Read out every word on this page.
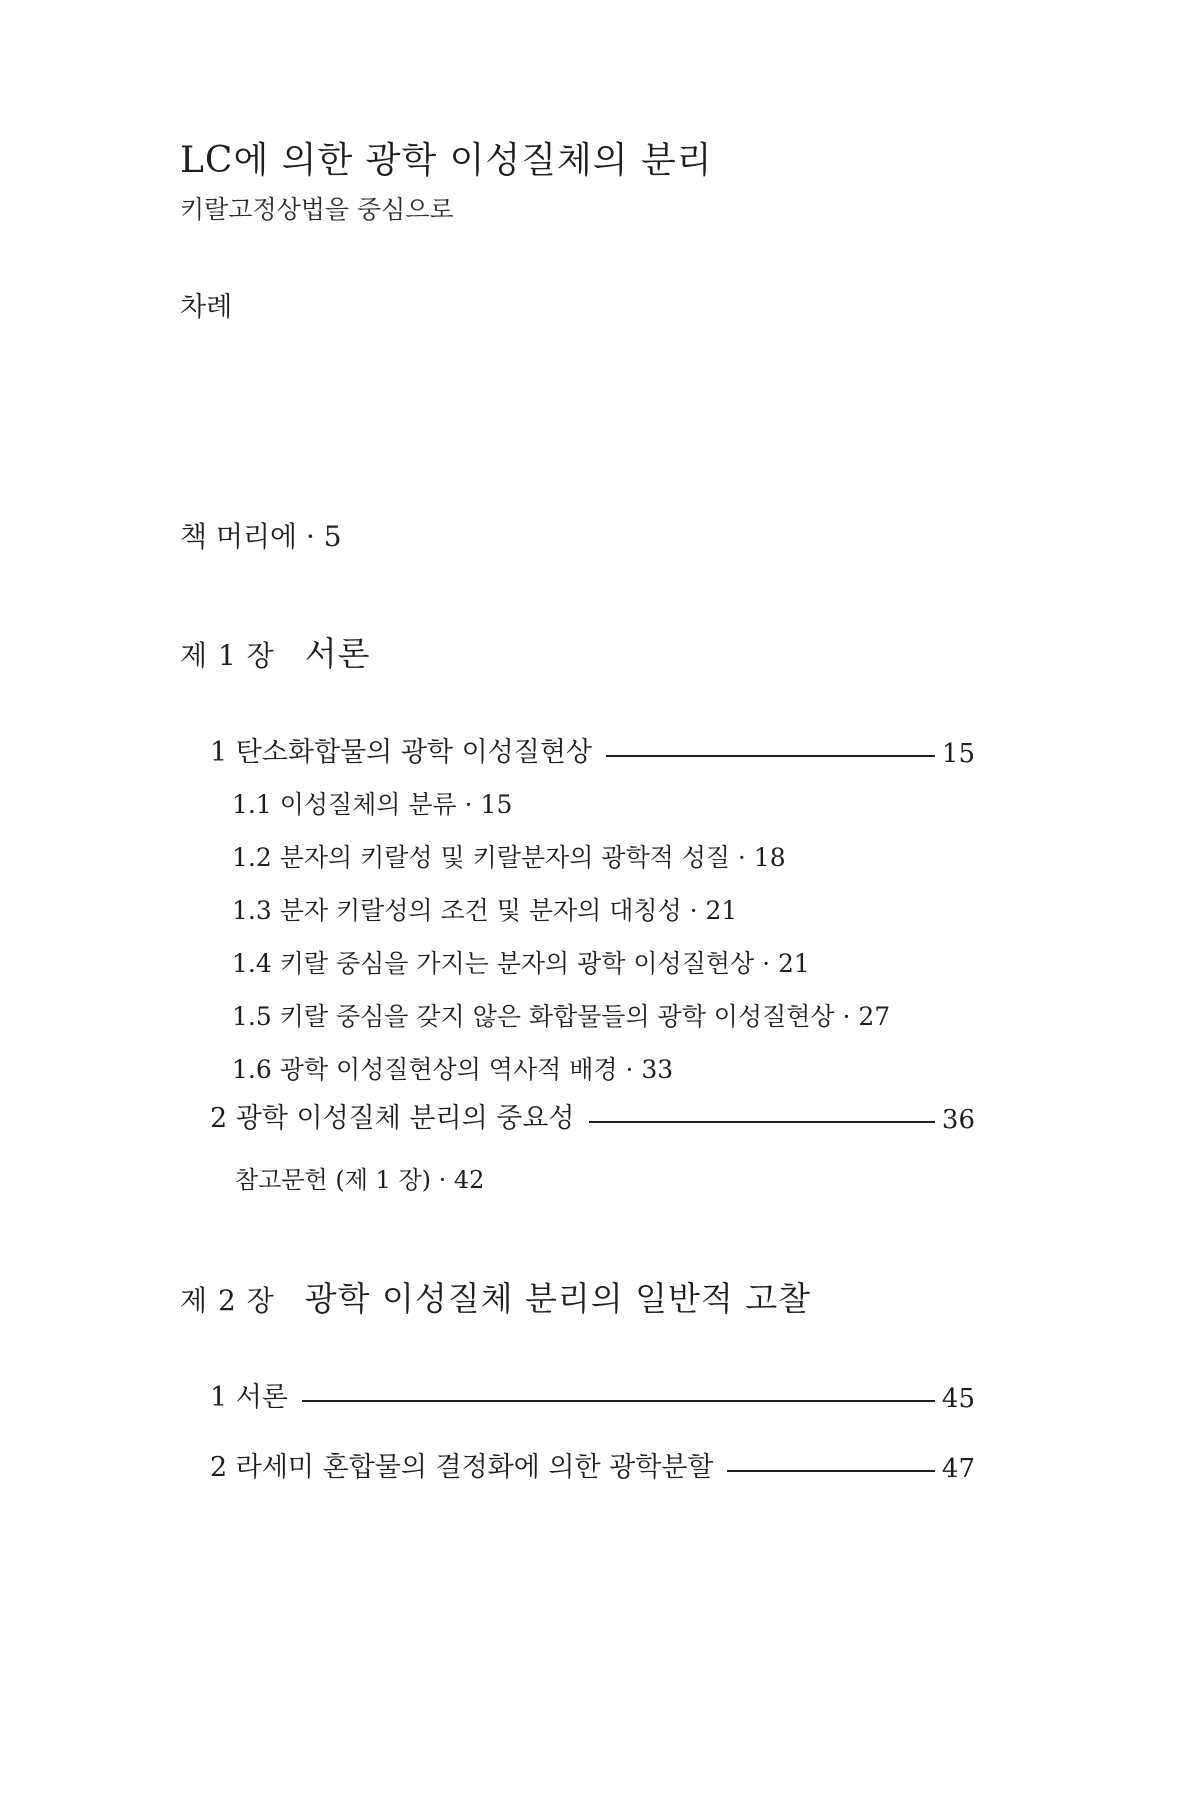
LC에 의한 광학 이성질체의 분리
키랄고정상법을 중심으로
차례
책 머리에 · 5
제 1 장 서론
1 탄소화합물의 광학 이성질현상	15
1.1 이성질체의 분류 · 15
1.2 분자의 키랄성 및 키랄분자의 광학적 성질 · 18
1.3 분자 키랄성의 조건 및 분자의 대칭성 · 21
1.4 키랄 중심을 가지는 분자의 광학 이성질현상 · 21
1.5 키랄 중심을 갖지 않은 화합물들의 광학 이성질현상 · 27
1.6 광학 이성질현상의 역사적 배경 · 33
2 광학 이성질체 분리의 중요성	36
참고문헌 (제 1 장) · 42
제 2 장 광학 이성질체 분리의 일반적 고찰
1 서론	45
2 라세미 혼합물의 결정화에 의한 광학분할	47
